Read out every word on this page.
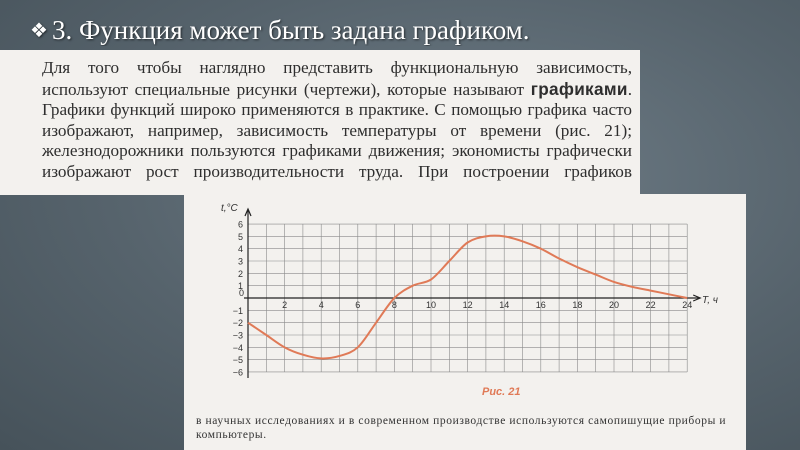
❖ 3. Функция может быть задана графиком.

Для того чтобы наглядно представить функциональную зависимость, используют специальные рисунки (чертежи), которые называют графиками. Графики функций широко применяются в практике. С помощью графика часто изображают, например, зависимость температуры от времени (рис. 21); железнодорожники пользуются графиками движения; экономисты графически изображают рост производительности труда. При построении графиков

2	4	6	8	10	12	14	16	18	20	22	24
0
−6
−5
−4
−3
−2
−1
1
2
3
4
5
6
t,°C
T, ч
Рис. 21

в научных исследованиях и в современном производстве используются самопишущие приборы и компьютеры.
